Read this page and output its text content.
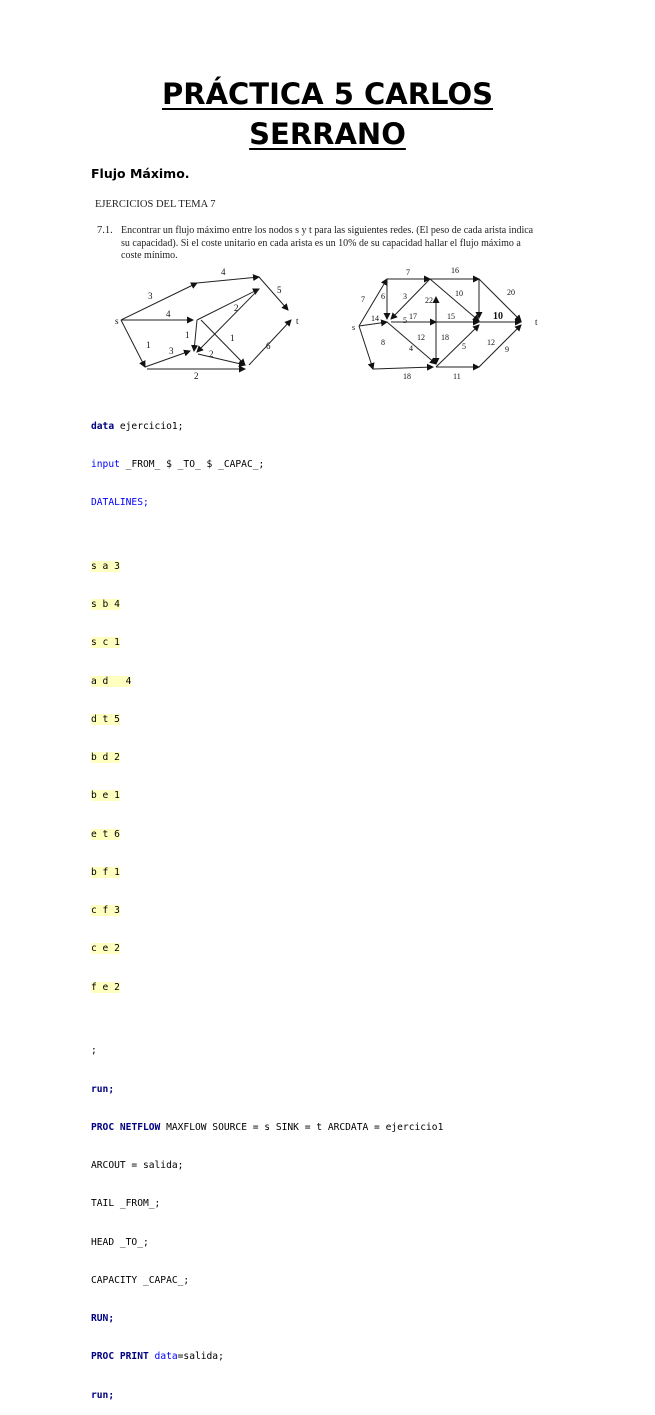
PRÁCTICA 5 CARLOS
SERRANO
Flujo Máximo.
EJERCICIOS DEL TEMA 7
7.1. Encontrar un flujo máximo entre los nodos s y t para las siguientes redes. (El peso de cada arista indica su capacidad). Si el coste unitario en cada arista es un 10% de su capacidad hallar el flujo máximo a coste mínimo.
s	t
3
4
4
5
1
3
1
2
2
1
6
2
s
t
7	16
20
6 3	10
12
5
7
14	17	15	10
8
4
18
5	12
9
18	11
22

data ejercicio1;

input _FROM_ $ _TO_ $ _CAPAC_;

DATALINES;

s a 3

s b 4

s c 1

a d   4

d t 5

b d 2

b e 1

e t 6

b f 1

c f 3

c e 2

f e 2

;

run;

PROC NETFLOW MAXFLOW SOURCE = s SINK = t ARCDATA = ejercicio1

ARCOUT = salida;

TAIL _FROM_;

HEAD _TO_;

CAPACITY _CAPAC_;

RUN;

PROC PRINT data=salida;

run;
